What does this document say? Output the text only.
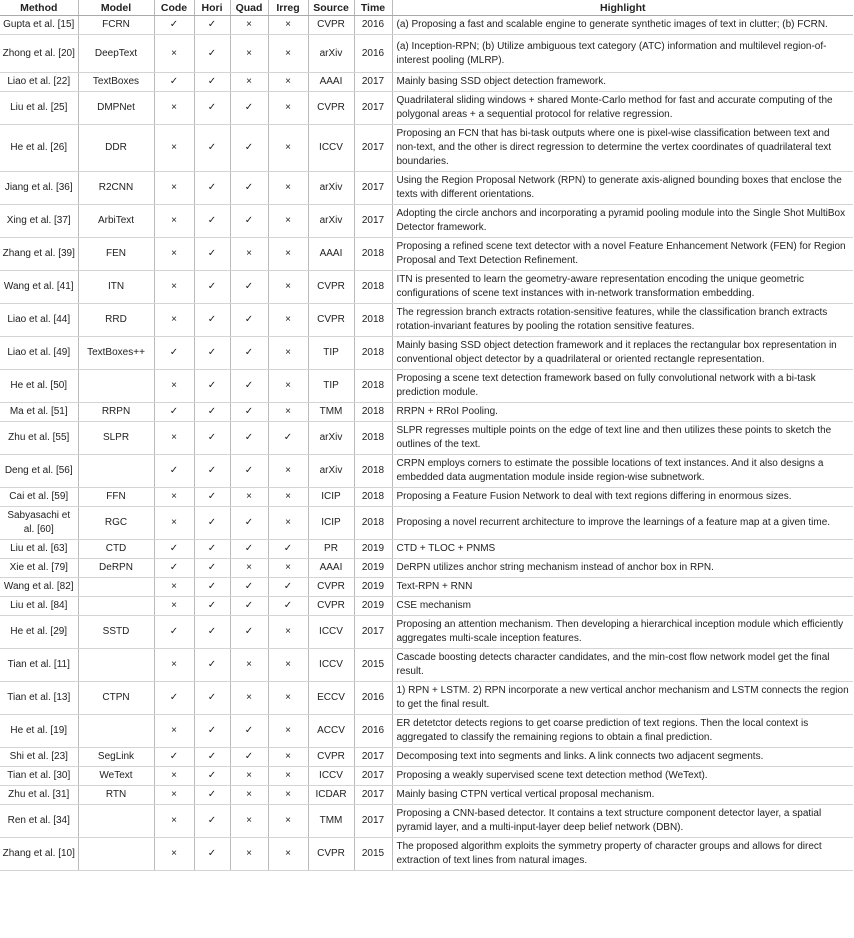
Method	Model	Code	Hori	Quad	Irreg	Source	Time	Highlight
Gupta et al. [15]	FCRN	✓	✓	×	×	CVPR	2016	(a) Proposing a fast and scalable engine to generate synthetic images of text in clutter; (b) FCRN.
Zhong et al. [20]	DeepText	×	✓	×	×	arXiv	2016	(a) Inception-RPN; (b) Utilize ambiguous text category (ATC) information and multilevel region-of-interest pooling (MLRP).
Liao et al. [22]	TextBoxes	✓	✓	×	×	AAAI	2017	Mainly basing SSD object detection framework.
Liu et al. [25]	DMPNet	×	✓	✓	×	CVPR	2017	Quadrilateral sliding windows + shared Monte-Carlo method for fast and accurate computing of the polygonal areas + a sequential protocol for relative regression.
He et al. [26]	DDR	×	✓	✓	×	ICCV	2017	Proposing an FCN that has bi-task outputs where one is pixel-wise classification between text and non-text, and the other is direct regression to determine the vertex coordinates of quadrilateral text boundaries.
Jiang et al. [36]	R2CNN	×	✓	✓	×	arXiv	2017	Using the Region Proposal Network (RPN) to generate axis-aligned bounding boxes that enclose the texts with different orientations.
Xing et al. [37]	ArbiText	×	✓	✓	×	arXiv	2017	Adopting the circle anchors and incorporating a pyramid pooling module into the Single Shot MultiBox Detector framework.
Zhang et al. [39]	FEN	×	✓	×	×	AAAI	2018	Proposing a refined scene text detector with a novel Feature Enhancement Network (FEN) for Region Proposal and Text Detection Refinement.
Wang et al. [41]	ITN	×	✓	✓	×	CVPR	2018	ITN is presented to learn the geometry-aware representation encoding the unique geometric configurations of scene text instances with in-network transformation embedding.
Liao et al. [44]	RRD	×	✓	✓	×	CVPR	2018	The regression branch extracts rotation-sensitive features, while the classification branch extracts rotation-invariant features by pooling the rotation sensitive features.
Liao et al. [49]	TextBoxes++	✓	✓	✓	×	TIP	2018	Mainly basing SSD object detection framework and it replaces the rectangular box representation in conventional object detector by a quadrilateral or oriented rectangle representation.
He et al. [50]		×	✓	✓	×	TIP	2018	Proposing a scene text detection framework based on fully convolutional network with a bi-task prediction module.
Ma et al. [51]	RRPN	✓	✓	✓	×	TMM	2018	RRPN + RRoI Pooling.
Zhu et al. [55]	SLPR	×	✓	✓	✓	arXiv	2018	SLPR regresses multiple points on the edge of text line and then utilizes these points to sketch the outlines of the text.
Deng et al. [56]		✓	✓	✓	×	arXiv	2018	CRPN employs corners to estimate the possible locations of text instances. And it also designs a embedded data augmentation module inside region-wise subnetwork.
Cai et al. [59]	FFN	×	✓	×	×	ICIP	2018	Proposing a Feature Fusion Network to deal with text regions differing in enormous sizes.
Sabyasachi et al. [60]	RGC	×	✓	✓	×	ICIP	2018	Proposing a novel recurrent architecture to improve the learnings of a feature map at a given time.
Liu et al. [63]	CTD	✓	✓	✓	✓	PR	2019	CTD + TLOC + PNMS
Xie et al. [79]	DeRPN	✓	✓	×	×	AAAI	2019	DeRPN utilizes anchor string mechanism instead of anchor box in RPN.
Wang et al. [82]		×	✓	✓	✓	CVPR	2019	Text-RPN + RNN
Liu et al. [84]		×	✓	✓	✓	CVPR	2019	CSE mechanism
He et al. [29]	SSTD	✓	✓	✓	×	ICCV	2017	Proposing an attention mechanism. Then developing a hierarchical inception module which efficiently aggregates multi-scale inception features.
Tian et al. [11]		×	✓	×	×	ICCV	2015	Cascade boosting detects character candidates, and the min-cost flow network model get the final result.
Tian et al. [13]	CTPN	✓	✓	×	×	ECCV	2016	1) RPN + LSTM. 2) RPN incorporate a new vertical anchor mechanism and LSTM connects the region to get the final result.
He et al. [19]		×	✓	✓	×	ACCV	2016	ER detetctor detects regions to get coarse prediction of text regions. Then the local context is aggregated to classify the remaining regions to obtain a final prediction.
Shi et al. [23]	SegLink	✓	✓	✓	×	CVPR	2017	Decomposing text into segments and links. A link connects two adjacent segments.
Tian et al. [30]	WeText	×	✓	×	×	ICCV	2017	Proposing a weakly supervised scene text detection method (WeText).
Zhu et al. [31]	RTN	×	✓	×	×	ICDAR	2017	Mainly basing CTPN vertical vertical proposal mechanism.
Ren et al. [34]		×	✓	×	×	TMM	2017	Proposing a CNN-based detector. It contains a text structure component detector layer, a spatial pyramid layer, and a multi-input-layer deep belief network (DBN).
Zhang et al. [10]		×	✓	×	×	CVPR	2015	The proposed algorithm exploits the symmetry property of character groups and allows for direct extraction of text lines from natural images.
